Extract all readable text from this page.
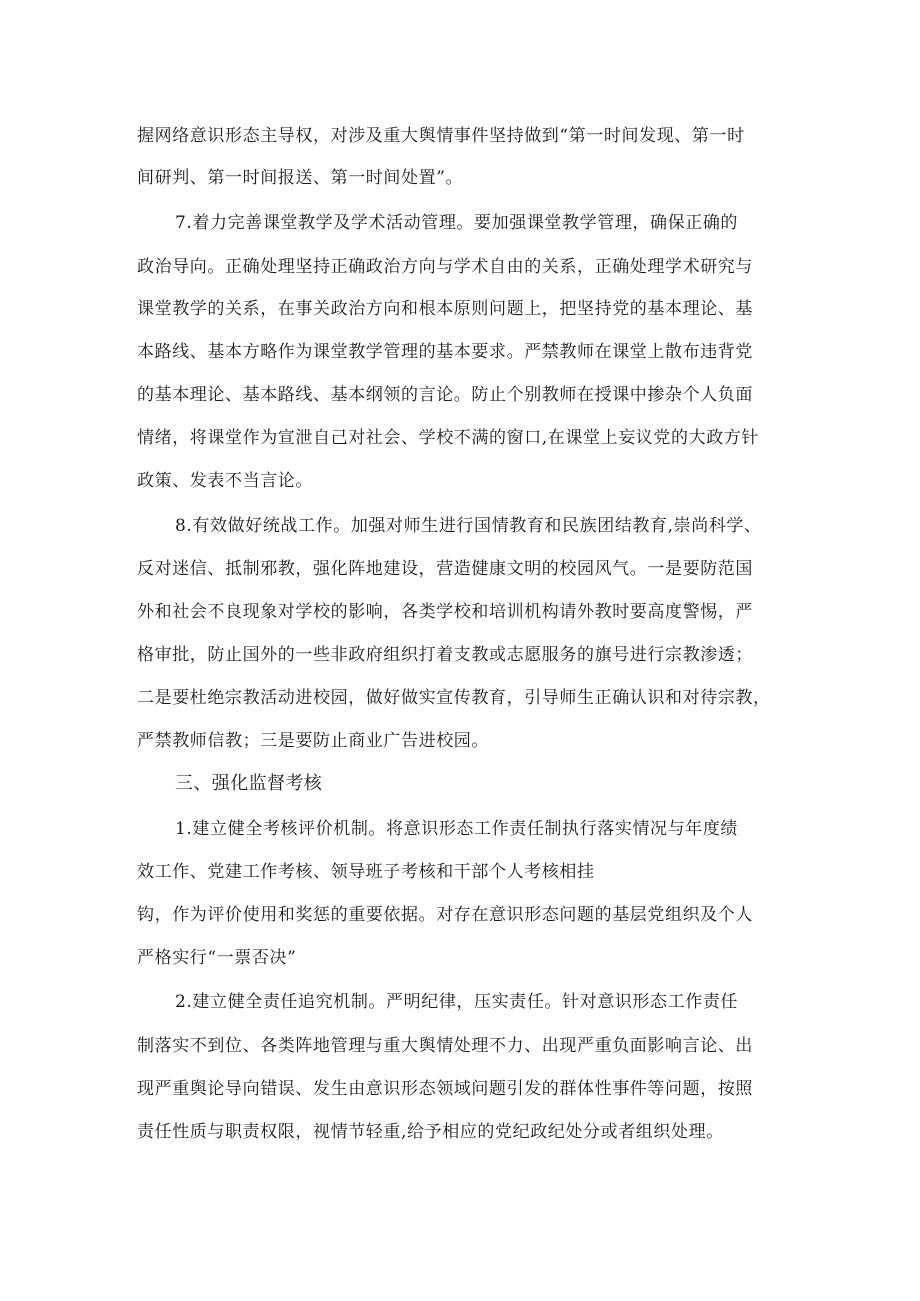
握网络意识形态主导权，对涉及重大舆情事件坚持做到“第一时间发现、第一时
间研判、第一时间报送、第一时间处置”。
7.着力完善课堂教学及学术活动管理。要加强课堂教学管理，确保正确的
政治导向。正确处理坚持正确政治方向与学术自由的关系，正确处理学术研究与
课堂教学的关系，在事关政治方向和根本原则问题上，把坚持党的基本理论、基
本路线、基本方略作为课堂教学管理的基本要求。严禁教师在课堂上散布违背党
的基本理论、基本路线、基本纲领的言论。防止个别教师在授课中掺杂个人负面
情绪，将课堂作为宣泄自己对社会、学校不满的窗口,在课堂上妄议党的大政方针
政策、发表不当言论。
8.有效做好统战工作。加强对师生进行国情教育和民族团结教育,崇尚科学、
反对迷信、抵制邪教，强化阵地建设，营造健康文明的校园风气。一是要防范国
外和社会不良现象对学校的影响，各类学校和培训机构请外教时要高度警惕，严
格审批，防止国外的一些非政府组织打着支教或志愿服务的旗号进行宗教渗透；
二是要杜绝宗教活动进校园，做好做实宣传教育，引导师生正确认识和对待宗教，
严禁教师信教；三是要防止商业广告进校园。
三、强化监督考核
1.建立健全考核评价机制。将意识形态工作责任制执行落实情况与年度绩
效工作、党建工作考核、领导班子考核和干部个人考核相挂
钩，作为评价使用和奖惩的重要依据。对存在意识形态问题的基层党组织及个人
严格实行“一票否决”
2.建立健全责任追究机制。严明纪律，压实责任。针对意识形态工作责任
制落实不到位、各类阵地管理与重大舆情处理不力、出现严重负面影响言论、出
现严重舆论导向错误、发生由意识形态领域问题引发的群体性事件等问题，按照
责任性质与职责权限，视情节轻重,给予相应的党纪政纪处分或者组织处理。
